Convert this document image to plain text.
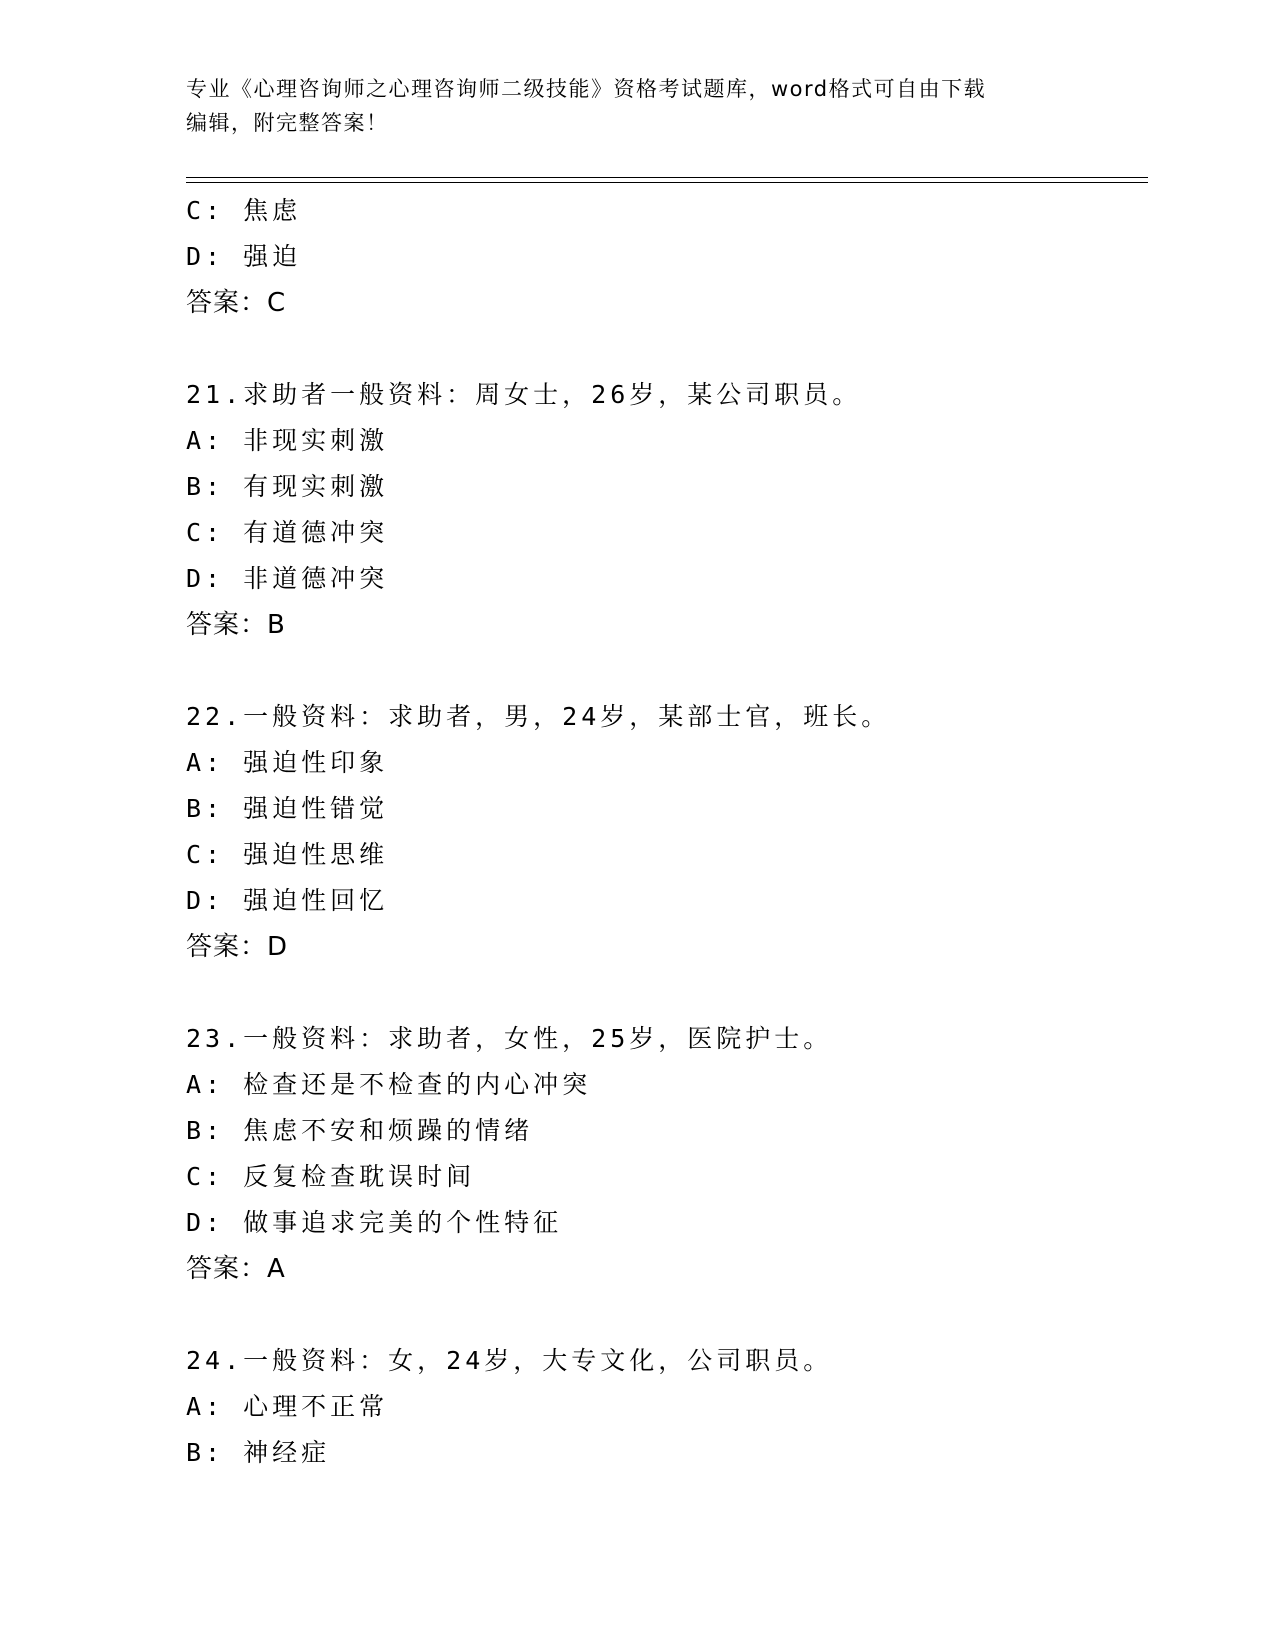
专业《心理咨询师之心理咨询师二级技能》资格考试题库，word格式可自由下载
编辑，附完整答案！
C: 焦虑
D: 强迫
答案：C
21.求助者一般资料：周女士，26岁，某公司职员。
A: 非现实刺激
B: 有现实刺激
C: 有道德冲突
D: 非道德冲突
答案：B
22.一般资料：求助者，男，24岁，某部士官，班长。
A: 强迫性印象
B: 强迫性错觉
C: 强迫性思维
D: 强迫性回忆
答案：D
23.一般资料：求助者，女性，25岁，医院护士。
A: 检查还是不检查的内心冲突
B: 焦虑不安和烦躁的情绪
C: 反复检查耽误时间
D: 做事追求完美的个性特征
答案：A
24.一般资料：女，24岁，大专文化，公司职员。
A: 心理不正常
B: 神经症
